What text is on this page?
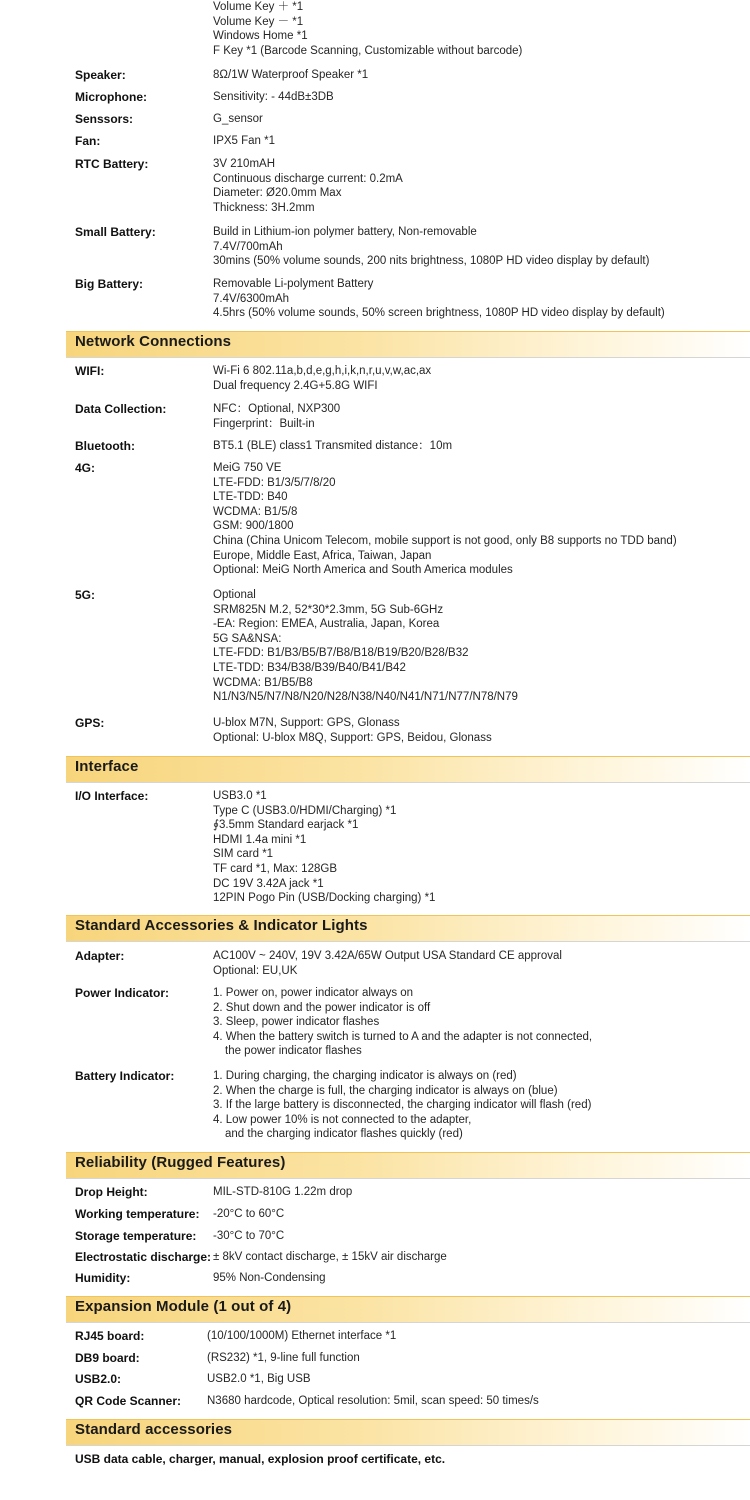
Volume Key ＋ *1
Volume Key － *1
Windows Home *1
F Key *1 (Barcode Scanning, Customizable without barcode)
Speaker:	8Ω/1W Waterproof Speaker *1
Microphone:	Sensitivity: - 44dB±3DB
Senssors:	G_sensor
Fan:	IPX5 Fan *1
RTC Battery:	3V 210mAH
Continuous discharge current: 0.2mA
Diameter: Ø20.0mm Max
Thickness: 3H.2mm
Small Battery:	Build in Lithium-ion polymer battery, Non-removable
7.4V/700mAh
30mins (50% volume sounds, 200 nits brightness, 1080P HD video display by default)
Big Battery:	Removable Li-polyment Battery
7.4V/6300mAh
4.5hrs (50% volume sounds, 50% screen brightness, 1080P HD video display by default)
Network Connections
WIFI:	Wi-Fi 6 802.11a,b,d,e,g,h,i,k,n,r,u,v,w,ac,ax
Dual frequency 2.4G+5.8G WIFI
Data Collection:	NFC：Optional, NXP300
Fingerprint：Built-in
Bluetooth:	BT5.1 (BLE) class1 Transmited distance：10m
4G:	MeiG 750 VE
LTE-FDD: B1/3/5/7/8/20
LTE-TDD: B40
WCDMA: B1/5/8
GSM: 900/1800
China (China Unicom Telecom, mobile support is not good, only B8 supports no TDD band)
Europe, Middle East, Africa, Taiwan, Japan
Optional: MeiG North America and South America modules
5G:	Optional
SRM825N M.2, 52*30*2.3mm, 5G Sub-6GHz
-EA: Region: EMEA, Australia, Japan, Korea
5G SA&NSA:
LTE-FDD: B1/B3/B5/B7/B8/B18/B19/B20/B28/B32
LTE-TDD: B34/B38/B39/B40/B41/B42
WCDMA: B1/B5/B8
N1/N3/N5/N7/N8/N20/N28/N38/N40/N41/N71/N77/N78/N79
GPS:	U-blox M7N, Support: GPS, Glonass
Optional: U-blox M8Q, Support: GPS, Beidou, Glonass
Interface
I/O Interface:	USB3.0 *1
Type C (USB3.0/HDMI/Charging) *1
∮3.5mm Standard earjack *1
HDMI 1.4a mini *1
SIM card *1
TF card *1, Max: 128GB
DC 19V 3.42A jack *1
12PIN Pogo Pin (USB/Docking charging) *1
Standard Accessories & Indicator Lights
Adapter:	AC100V ~ 240V, 19V 3.42A/65W Output USA Standard CE approval
Optional: EU,UK
Power Indicator:	1. Power on, power indicator always on
2. Shut down and the power indicator is off
3. Sleep, power indicator flashes
4. When the battery switch is turned to A and the adapter is not connected,
the power indicator flashes
Battery Indicator:	1. During charging, the charging indicator is always on (red)
2. When the charge is full, the charging indicator is always on (blue)
3. If the large battery is disconnected, the charging indicator will flash (red)
4. Low power 10% is not connected to the adapter,
and the charging indicator flashes quickly (red)
Reliability (Rugged Features)
Drop Height:	MIL-STD-810G 1.22m drop
Working temperature: -20°C to 60°C
Storage temperature: -30°C to 70°C
Electrostatic discharge: ± 8kV contact discharge, ± 15kV air discharge
Humidity:	95% Non-Condensing
Expansion Module (1 out of 4)
RJ45 board:	(10/100/1000M) Ethernet interface *1
DB9 board:	(RS232) *1, 9-line full function
USB2.0:	USB2.0 *1, Big USB
QR Code Scanner: N3680 hardcode, Optical resolution: 5mil, scan speed: 50 times/s
Standard accessories
USB data cable, charger, manual, explosion proof certificate, etc.
